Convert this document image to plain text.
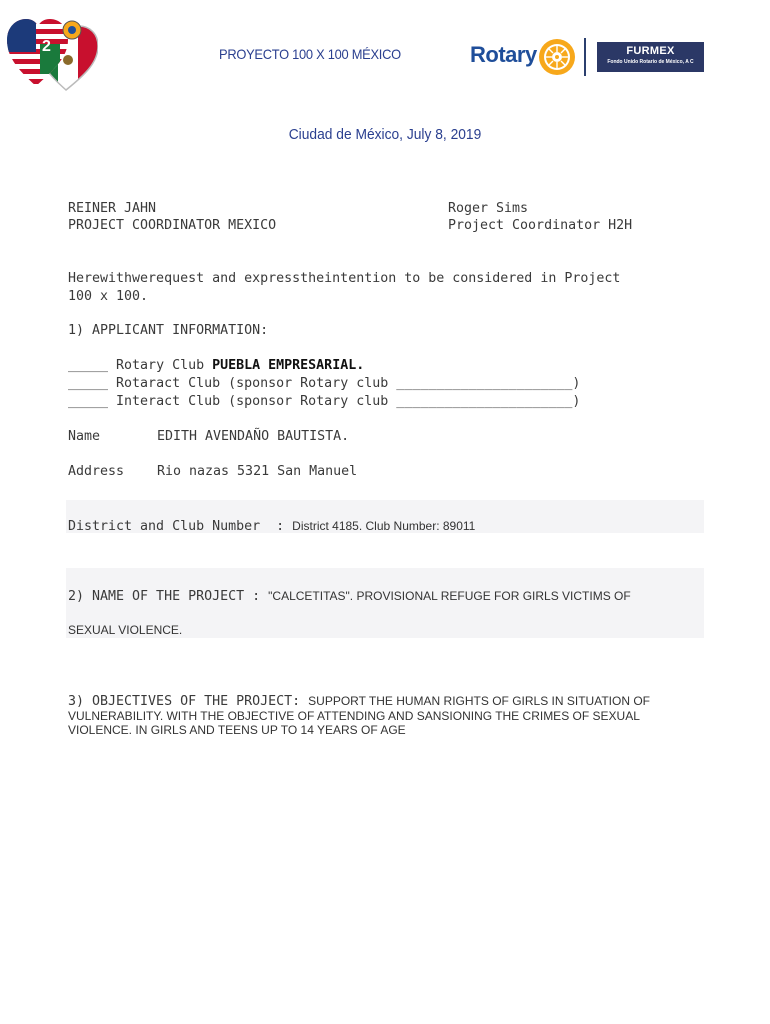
2	PROYECTO 100 X 100 MÉXICO	Rotary	FURMEX
Fondo Unido Rotario de México, A C
Ciudad de México, July 8, 2019
REINER JAHN
PROJECT COORDINATOR MEXICO
Roger Sims
Project Coordinator H2H
Herewithwerequest and expresstheintention to be considered in Project
100 x 100.
1) APPLICANT INFORMATION:
_____ Rotary Club PUEBLA EMPRESARIAL.
_____ Rotaract Club (sponsor Rotary club ______________________)
_____ Interact Club (sponsor Rotary club ______________________)
Name	EDITH AVENDAÑO BAUTISTA.
Address Rio nazas 5321 San Manuel
District and Club Number  : District 4185. Club Number: 89011
2) NAME OF THE PROJECT : "CALCETITAS". PROVISIONAL REFUGE FOR GIRLS VICTIMS OF
SEXUAL VIOLENCE.
3) OBJECTIVES OF THE PROJECT: SUPPORT THE HUMAN RIGHTS OF GIRLS IN SITUATION OF
VULNERABILITY. WITH THE OBJECTIVE OF ATTENDING AND SANSIONING THE CRIMES OF SEXUAL
VIOLENCE. IN GIRLS AND TEENS UP TO 14 YEARS OF AGE
